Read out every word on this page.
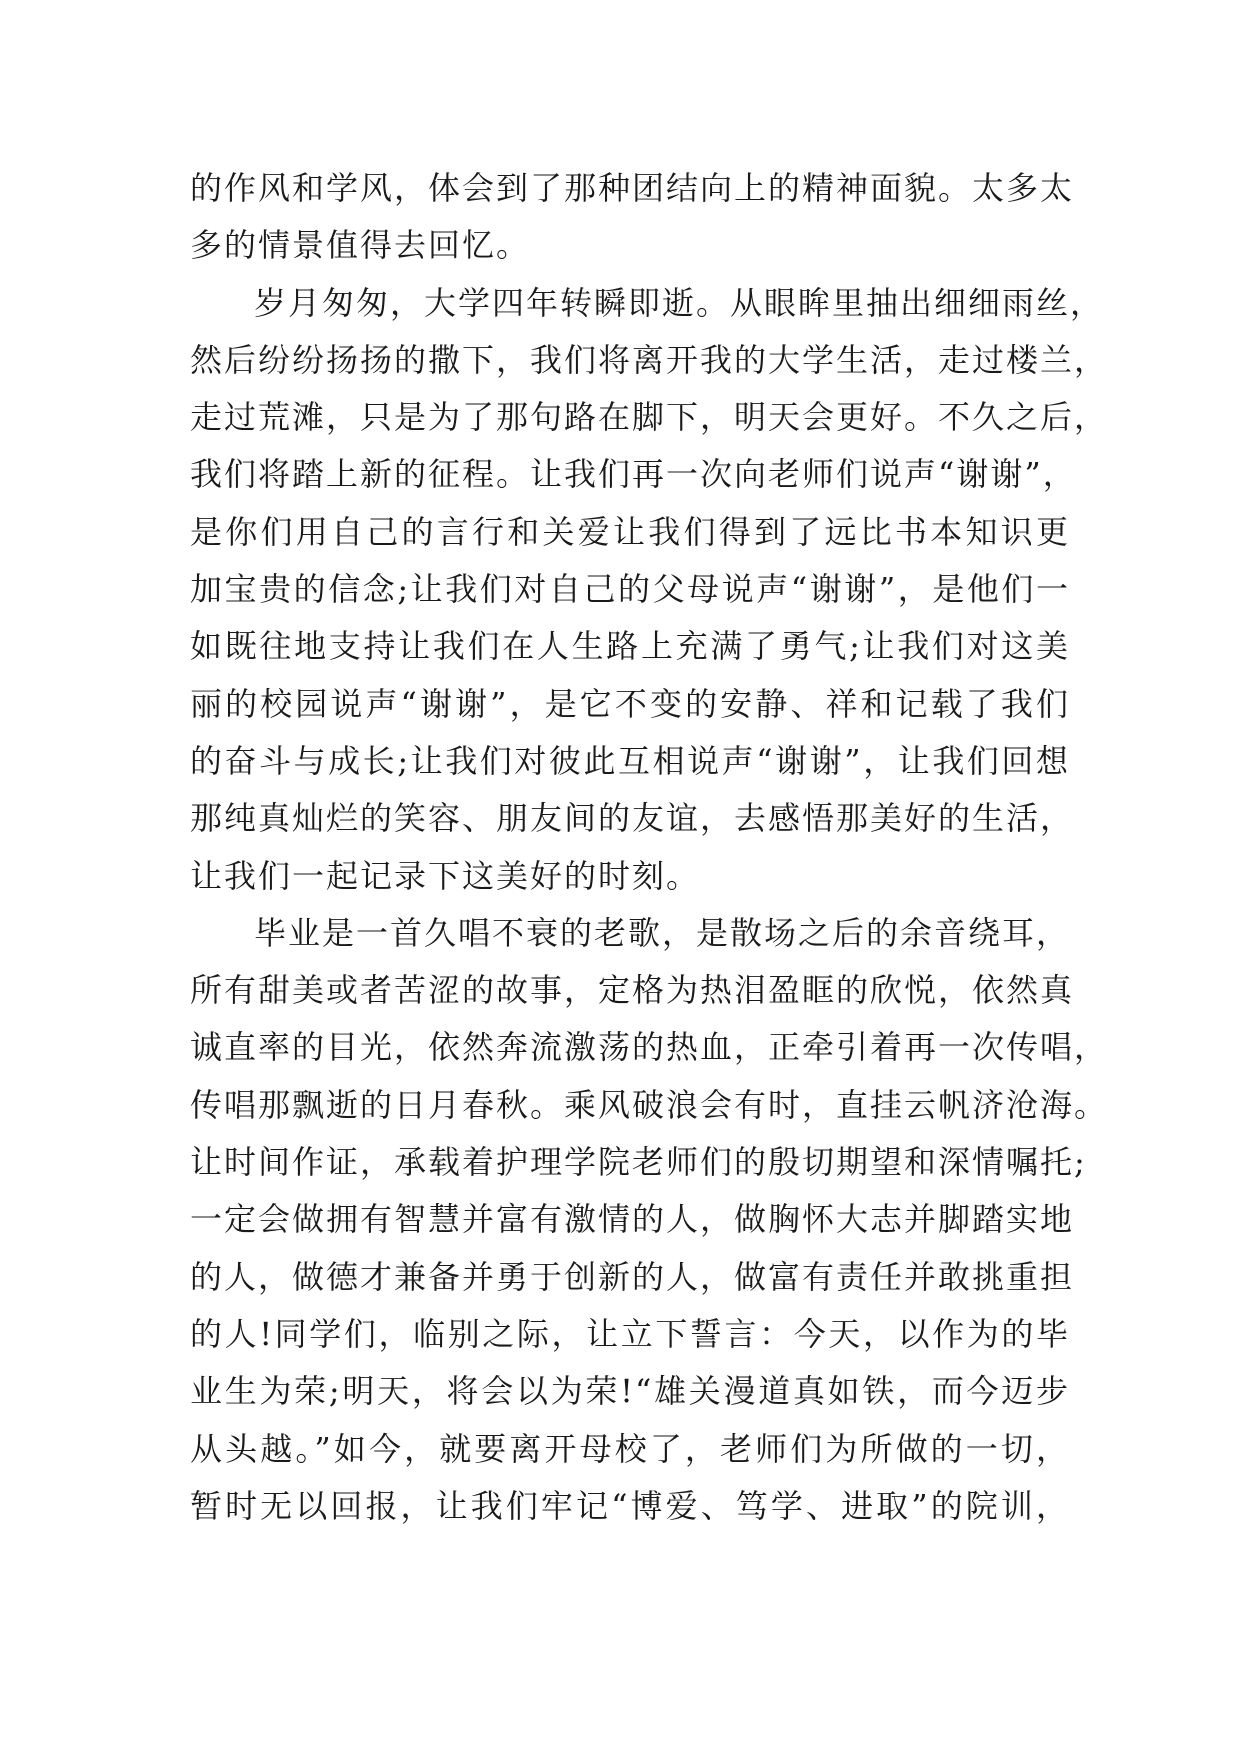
的作风和学风，体会到了那种团结向上的精神面貌。太多太
多的情景值得去回忆。
岁月匆匆，大学四年转瞬即逝。从眼眸里抽出细细雨丝，
然后纷纷扬扬的撒下，我们将离开我的大学生活，走过楼兰，
走过荒滩，只是为了那句路在脚下，明天会更好。不久之后，
我们将踏上新的征程。让我们再一次向老师们说声“谢谢”，
是你们用自己的言行和关爱让我们得到了远比书本知识更
加宝贵的信念;让我们对自己的父母说声“谢谢”，是他们一
如既往地支持让我们在人生路上充满了勇气;让我们对这美
丽的校园说声“谢谢”，是它不变的安静、祥和记载了我们
的奋斗与成长;让我们对彼此互相说声“谢谢”，让我们回想
那纯真灿烂的笑容、朋友间的友谊，去感悟那美好的生活，
让我们一起记录下这美好的时刻。
毕业是一首久唱不衰的老歌，是散场之后的余音绕耳，
所有甜美或者苦涩的故事，定格为热泪盈眶的欣悦，依然真
诚直率的目光，依然奔流激荡的热血，正牵引着再一次传唱，
传唱那飘逝的日月春秋。乘风破浪会有时，直挂云帆济沧海。
让时间作证，承载着护理学院老师们的殷切期望和深情嘱托;
一定会做拥有智慧并富有激情的人，做胸怀大志并脚踏实地
的人，做德才兼备并勇于创新的人，做富有责任并敢挑重担
的人!同学们，临别之际，让立下誓言：今天，以作为的毕
业生为荣;明天，将会以为荣!“雄关漫道真如铁，而今迈步
从头越。”如今，就要离开母校了，老师们为所做的一切，
暂时无以回报，让我们牢记“博爱、笃学、进取”的院训，
